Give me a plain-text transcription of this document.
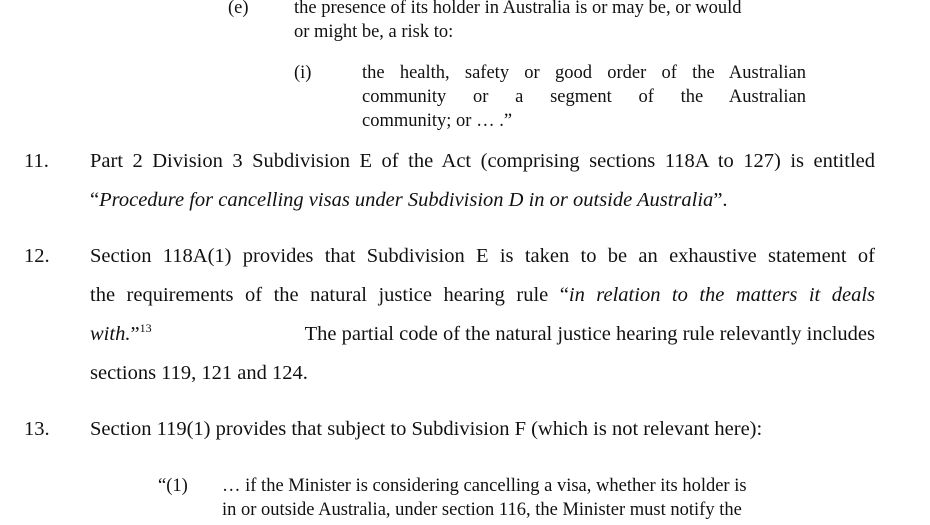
(e) the presence of its holder in Australia is or may be, or would
or might be, a risk to:
(i)	the health, safety or good order of the Australian
community or a segment of the Australian
community; or … .”
11. Part 2 Division 3 Subdivision E of the Act (comprising sections 118A to 127) is entitled
“Procedure for cancelling visas under Subdivision D in or outside Australia”.
12. Section 118A(1) provides that Subdivision E is taken to be an exhaustive statement of
the requirements of the natural justice hearing rule “in relation to the matters it deals
with.”$^{13}$	The partial code of the natural justice hearing rule relevantly includes
sections 119, 121 and 124.
13. Section 119(1) provides that subject to Subdivision F (which is not relevant here):
“(1) … if the Minister is considering cancelling a visa, whether its holder is
in or outside Australia, under section 116, the Minister must notify the
